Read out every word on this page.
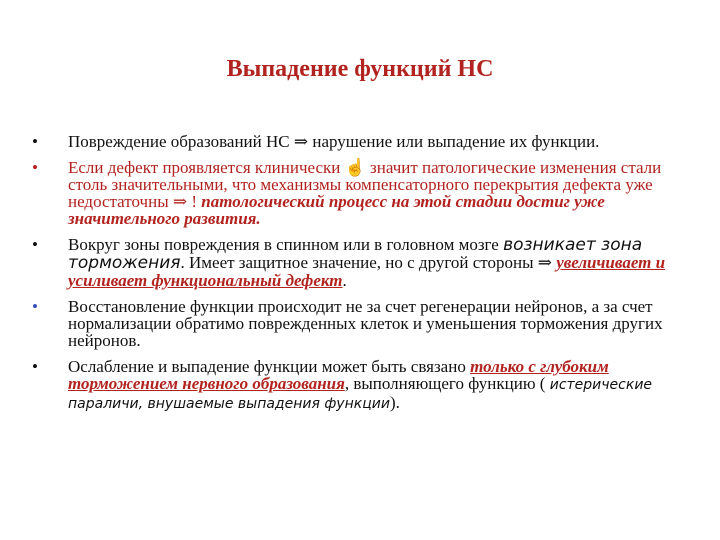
Выпадение функций НС
• Повреждение образований НС ⇒ нарушение или выпадение их функции.
• Если дефект проявляется клинически ☝ значит патологические изменения стали столь значительными, что механизмы компенсаторного перекрытия дефекта уже недостаточны ⇒ ! патологический процесс на этой стадии достиг уже значительного развития.
• Вокруг зоны повреждения в спинном или в головном мозге возникает зона торможения. Имеет защитное значение, но с другой стороны ⇒ увеличивает и усиливает функциональный дефект.
• Восстановление функции происходит не за счет регенерации нейронов, а за счет нормализации обратимо поврежденных клеток и уменьшения торможения других нейронов.
• Ослабление и выпадение функции может быть связано только с глубоким торможением нервного образования, выполняющего функцию ( истерические параличи, внушаемые выпадения функции).
